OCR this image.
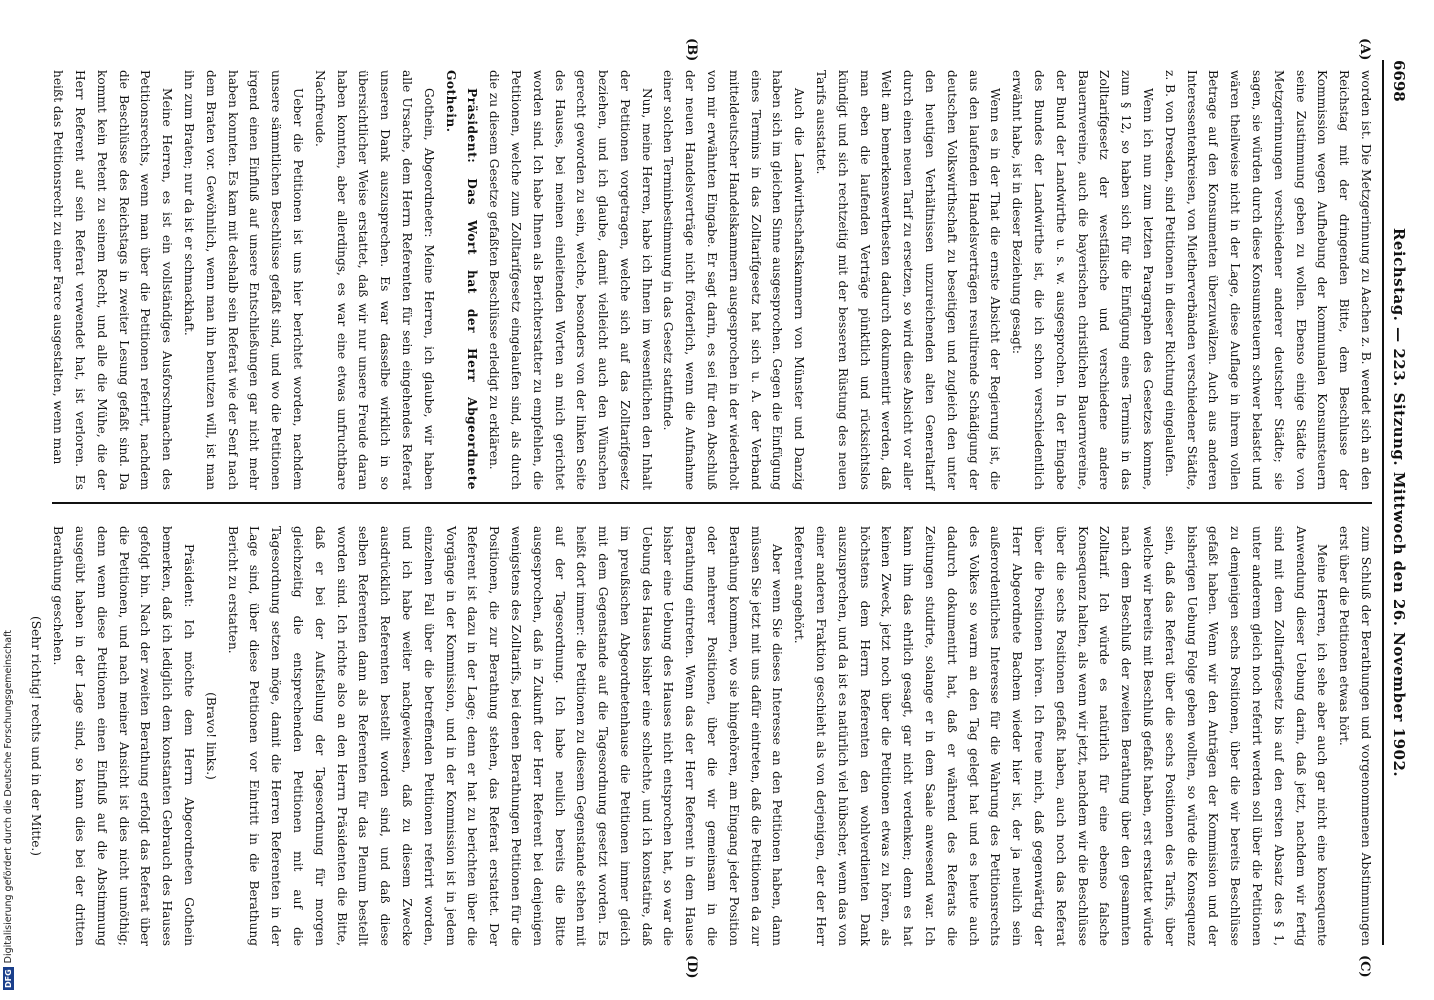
6698
Reichstag. — 223. Sitzung. Mittwoch den 26. November 1902.
(A)
(B)
(C)
(D)

worden ist. Die Metzgerinnung zu Aachen z. B. wendet sich an den Reichstag mit der dringenden Bitte, dem Beschlusse der Kommission wegen Aufhebung der kommunalen Konsumsteuern seine Zustimmung geben zu wollen. Ebenso einige Städte von Metzgerinnungen verschiedener anderer deutscher Städte; sie sagen, sie würden durch diese Konsumsteuern schwer belastet und wären theilweise nicht in der Lage, diese Auflage in ihrem vollen Betrage auf den Konsumenten überzuwälzen. Auch aus anderen Interessentenkreisen, von Mietherverbänden verschiedener Städte, z. B. von Dresden, sind Petitionen in dieser Richtung eingelaufen.

Wenn ich nun zum letzten Paragraphen des Gesetzes komme, zum § 12, so haben sich für die Einfügung eines Termins in das Zolltarifgesetz der westfälische und verschiedene andere Bauernvereine, auch die bayerischen christlichen Bauernvereine, der Bund der Landwirthe u. s. w. ausgesprochen. In der Eingabe des Bundes der Landwirthe ist, die ich schon verschiedentlich erwähnt habe, ist in dieser Beziehung gesagt:

Wenn es in der That die ernste Absicht der Regierung ist, die aus den laufenden Handelsverträgen resultirende Schädigung der deutschen Volkswirthschaft zu beseitigen und zugleich den unter den heutigen Verhältnissen unzureichenden alten Generaltarif durch einen neuen Tarif zu ersetzen, so wird diese Absicht vor aller Welt am bemerkenswerthesten dadurch dokumentirt werden, daß man eben die laufenden Verträge pünktlich und rücksichtslos kündigt und sich rechtzeitig mit der besseren Rüstung des neuen Tarifs ausstattet.

Auch die Landwirthschaftskammern von Münster und Danzig haben sich im gleichen Sinne ausgesprochen. Gegen die Einfügung eines Termins in das Zolltarifgesetz hat sich u. A. der Verband mitteldeutscher Handelskammern ausgesprochen in der wiederholt von mir erwähnten Eingabe. Er sagt darin, es sei für den Abschluß der neuen Handelsverträge nicht förderlich, wenn die Aufnahme einer solchen Terminbestimmung in das Gesetz stattfinde.

Nun, meine Herren, habe ich Ihnen im wesentlichen den Inhalt der Petitionen vorgetragen, welche sich auf das Zolltarifgesetz beziehen, und ich glaube, damit vielleicht auch den Wünschen gerecht geworden zu sein, welche, besonders von der linken Seite des Hauses, bei meinen einleitenden Worten an mich gerichtet worden sind. Ich habe Ihnen als Berichterstatter zu empfehlen, die Petitionen, welche zum Zolltarifgesetz eingelaufen sind, als durch die zu diesem Gesetze gefaßten Beschlüsse erledigt zu erklären.

Präsident: Das Wort hat der Herr Abgeordnete Gothein.

Gothein, Abgeordneter: Meine Herren, ich glaube, wir haben alle Ursache, dem Herrn Referenten für sein eingehendes Referat unseren Dank auszusprechen. Es war dasselbe wirklich in so übersichtlicher Weise erstattet, daß wir nur unsere Freude daran haben konnten, aber allerdings, es war eine etwas unfruchtbare Nachfreude.

Ueber die Petitionen ist uns hier berichtet worden, nachdem unsere sämmtlichen Beschlüsse gefaßt sind, und wo die Petitionen irgend einen Einfluß auf unsere Entschließungen gar nicht mehr haben konnten. Es kam mit deshalb sein Referat wie der Senf nach dem Braten vor. Gewöhnlich, wenn man ihn benutzen will, ist man ihn zum Braten; nur da ist er schmackhaft.

Meine Herren, es ist ein vollständiges Ausforschmachen des Petitionsrechts, wenn man über die Petitionen referirt, nachdem die Beschlüsse des Reichstags in zweiter Lesung gefaßt sind. Da kommt kein Petent zu seinem Recht, und alle die Mühe, die der Herr Referent auf sein Referat verwendet hat, ist verloren. Es heißt das Petitionsrecht zu einer Farce ausgestalten, wenn man

zum Schluß der Berathungen und vorgenommenen Abstimmungen erst über die Petitionen etwas hört.

Meine Herren, ich sehe aber auch gar nicht eine konsequente Anwendung dieser Uebung darin, daß jetzt, nachdem wir fertig sind mit dem Zolltarifgesetz bis auf den ersten Absatz des § 1, unter anderem gleich noch referirt werden soll über die Petitionen zu demjenigen sechs Positionen, über die wir bereits Beschlüsse gefaßt haben. Wenn wir den Anträgen der Kommission und der bisherigen Uebung Folge geben wollten, so würde die Konsequenz sein, daß das Referat über die sechs Positionen des Tarifs, über welche wir bereits mit Beschluß gefaßt haben, erst erstattet würde nach dem Beschluß der zweiten Berathung über den gesammten Zolltarif. Ich würde es natürlich für eine ebenso falsche Konsequenz halten, als wenn wir jetzt, nachdem wir die Beschlüsse über die sechs Positionen gefaßt haben, auch noch das Referat über die Positionen hören. Ich freue mich, daß gegenwärtig der Herr Abgeordnete Bachem wieder hier ist, der ja neulich sein außerordentliches Interesse für die Wahrung des Petitionsrechts des Volkes so warm an den Tag gelegt hat und es heute auch dadurch dokumentirt hat, daß er während des Referats die Zeitungen studirte, solange er in dem Saale anwesend war. Ich kann ihm das ehrlich gesagt, gar nicht verdenken; denn es hat keinen Zweck, jetzt noch über die Petitionen etwas zu hören, als höchstens dem Herrn Referenten den wohlverdienten Dank auszusprechen, und da ist es natürlich viel hübscher, wenn das von einer anderen Fraktion geschieht als von derjenigen, der der Herr Referent angehört.

Aber wenn Sie dieses Interesse an den Petitionen haben, dann müssen Sie jetzt mit uns dafür eintreten, daß die Petitionen da zur Berathung kommen, wo sie hingehören, am Eingang jeder Position oder mehrerer Positionen, über die wir gemeinsam in die Berathung eintreten. Wenn das der Herr Referent in dem Hause bisher eine Uebung des Hauses nicht entsprochen hat, so war die Uebung des Hauses bisher eine schlechte, und ich konstatire, daß im preußischen Abgeordnetenhause die Petitionen immer gleich mit dem Gegenstande auf die Tagesordnung gesetzt worden. Es heißt dort immer: die Petitionen zu diesem Gegenstande stehen mit auf der Tagesordnung. Ich habe neulich bereits die Bitte ausgesprochen, daß in Zukunft der Herr Referent bei denjenigen wenigstens des Zolltarifs, bei denen Berathungen Petitionen für die Positionen, die zur Berathung stehen, das Referat erstattet. Der Referent ist dazu in der Lage; denn er hat zu berichten über die Vorgänge in der Kommission, und in der Kommission ist in jedem einzelnen Fall über die betreffenden Petitionen referirt worden, und ich habe weiter nachgewiesen, daß zu diesem Zwecke ausdrücklich Referenten bestellt worden sind, und daß diese selben Referenten dann als Referenten für das Plenum bestellt worden sind. Ich richte also an den Herrn Präsidenten die Bitte, daß er bei der Aufstellung der Tagesordnung für morgen gleichzeitig die entsprechenden Petitionen mit auf die Tagesordnung setzen möge, damit die Herren Referenten in der Lage sind, über diese Petitionen vor Eintritt in die Berathung Bericht zu erstatten.

(Bravo! links.)

Präsident: Ich möchte dem Herrn Abgeordneten Gothein bemerken, daß ich lediglich dem konstanten Gebrauch des Hauses gefolgt bin. Nach der zweiten Berathung erfolgt das Referat über die Petitionen, und nach meiner Ansicht ist dies nicht unnöthig; denn wenn diese Petitionen einen Einfluß auf die Abstimmung ausgeübt haben in der Lage sind, so kann dies bei der dritten Berathung geschehen.

(Sehr richtig! rechts und in der Mitte.)

DFGDigitalisierung gefördert durch die Deutsche Forschungsgemeinschaft
